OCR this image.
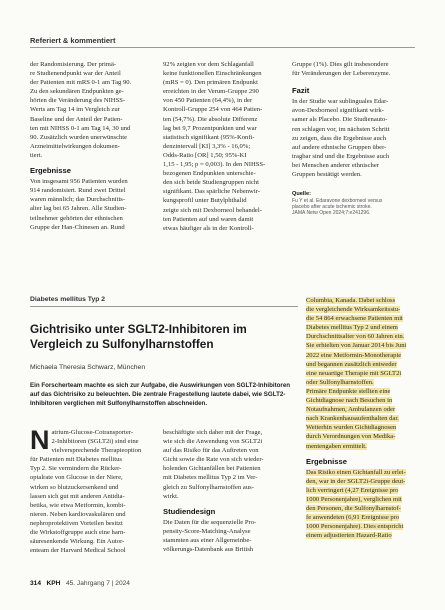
Referiert & kommentiert
der Randomisierung. Der primä-
re Studienendpunkt war der Anteil
der Patienten mit mRS 0-1 am Tag 90.
Zu den sekundären Endpunkten ge-
hörten die Veränderung des NIHSS-
Werts am Tag 14 im Vergleich zur
Baseline und der Anteil der Patien-
ten mit NIHSS 0-1 am Tag 14, 30 und
90. Zusätzlich wurden unerwünschte
Arzneimittelwirkungen dokumen-
tiert.
Ergebnisse
Von insgesamt 956 Patienten wurden
914 randomisiert. Rund zwei Drittel
waren männlich; das Durchschnitts-
alter lag bei 65 Jahren. Alle Studien-
teilnehmer gehörten der ethnischen
Gruppe der Han-Chinesen an. Rund
92% zeigten vor dem Schlaganfall
keine funktionellen Einschränkungen
(mRS = 0). Den primären Endpunkt
erreichten in der Verum-Gruppe 290
von 450 Patienten (64,4%), in der
Kontroll-Gruppe 254 von 464 Patien-
ten (54,7%). Die absolute Differenz
lag bei 9,7 Prozentpunkten und war
statistisch signifikant (95%-Konfi-
denzintervall [KI] 3,3% - 16,0%;
Odds-Ratio [OR] 1,50; 95%-KI
1,15 - 1,95; p = 0,003). In den NIHSS-
bezogenen Endpunkten unterschie-
den sich beide Studiengruppen nicht
signifikant. Das spärliche Nebenwir-
kungsprofil unter Butylphthalid
zeigte sich mit Dexborneol behandel-
ten Patienten auf und waren damit
etwas häufiger als in der Kontroll-
Gruppe (1%). Dies gilt insbesondere
für Veränderungen der Leberenzyme.
Fazit
In der Studie war sublinguales Edar-
avon-Dexborneol signifikant wirk-
samer als Placebo. Die Studienauto-
ren schlagen vor, im nächsten Schritt
zu zeigen, dass die Ergebnisse auch
auf andere ethnische Gruppen über-
tragbar sind und die Ergebnisse auch
bei Menschen anderer ethnischer
Gruppen bestätigt werden.
Quelle:
Fu Y et al. Edaravone dexborneol versus
placebo after acute ischemic stroke.
JAMA Netw Open 2024;7:e241296.
Diabetes mellitus Typ 2
Gichtrisiko unter SGLT2-Inhibitoren im Vergleich zu Sulfonylharnstoffen
Michaela Theresia Schwarz, München
Ein Forscherteam machte es sich zur Aufgabe, die Auswirkungen von SGLT2-Inhibitoren auf das Gichtrisiko zu beleuchten. Die zentrale Fragestellung lautete dabei, wie SGLT2-Inhibitoren verglichen mit Sulfonylharnstoffen abschneiden.
N atrium-Glucose-Cotransporter-
2-Inhibitoren (SGLT2i) sind eine
vielversprechende Therapieoption
für Patienten mit Diabetes mellitus
Typ 2. Sie vermindern die Rücker-
optalrate von Glucose in der Niere,
wirken so blutzuckersenkend und
lassen sich gut mit anderen Antidia-
betika, wie etwa Metformin, kombi-
nieren. Neben kardiovaskulären und
nephroprotektiven Vorteilen besitzt
die Wirkstoffgruppe auch eine harn-
säuresenkende Wirkung. Ein Autor-
enteam der Harvard Medical School
beschäftigte sich daher mit der Frage,
wie sich die Anwendung von SGLT2i
auf das Risiko für das Auftreten von
Gicht sowie die Rate von sich wieder-
holenden Gichtanfällen bei Patienten
mit Diabetes mellitus Typ 2 im Ver-
gleich zu Sulfonylharnstoffen aus-
wirkt.
Studiendesign
Die Daten für die sequenzielle Pro-
pensity-Score-Matching-Analyse
stammten aus einer Allgemeinbe-
völkerungs-Datenbank aus British
Columbia, Kanada. Dabei schloss
die vergleichende Wirksamkeitsstu-
die 54 864 erwachsene Patienten mit
Diabetes mellitus Typ 2 und einem
Durchschnittsalter von 60 Jahren ein.
Sie erhielten von Januar 2014 bis Juni
2022 eine Metformin-Monotherapie
und begannen zusätzlich entweder
eine neuartige Therapie mit SGLT2i
oder Sulfonylharnstoffen.
Primäre Endpunkte stellten eine
Gichtdiagnose nach Besuchen in
Notaufnahmen, Ambulanzen oder
nach Krankenhausaufenthalten dar.
Weiterhin wurden Gichtdiagnosen
durch Verordnungen von Medika-
mentengaben ermittelt.
Ergebnisse
Das Risiko einen Gichtanfall zu erlei-
den, war in der SGLT2i-Gruppe deut-
lich verringert (4,27 Ereignisse pro
1000 Personenjahre), verglichen mit
den Personen, die Sulfonylharnstof-
fe anwendeten (6,91 Ereignisse pro
1000 Personenjahre). Dies entspricht
einem adjustierten Hazard-Ratio
314 KPH 45. Jahrgang 7 | 2024
